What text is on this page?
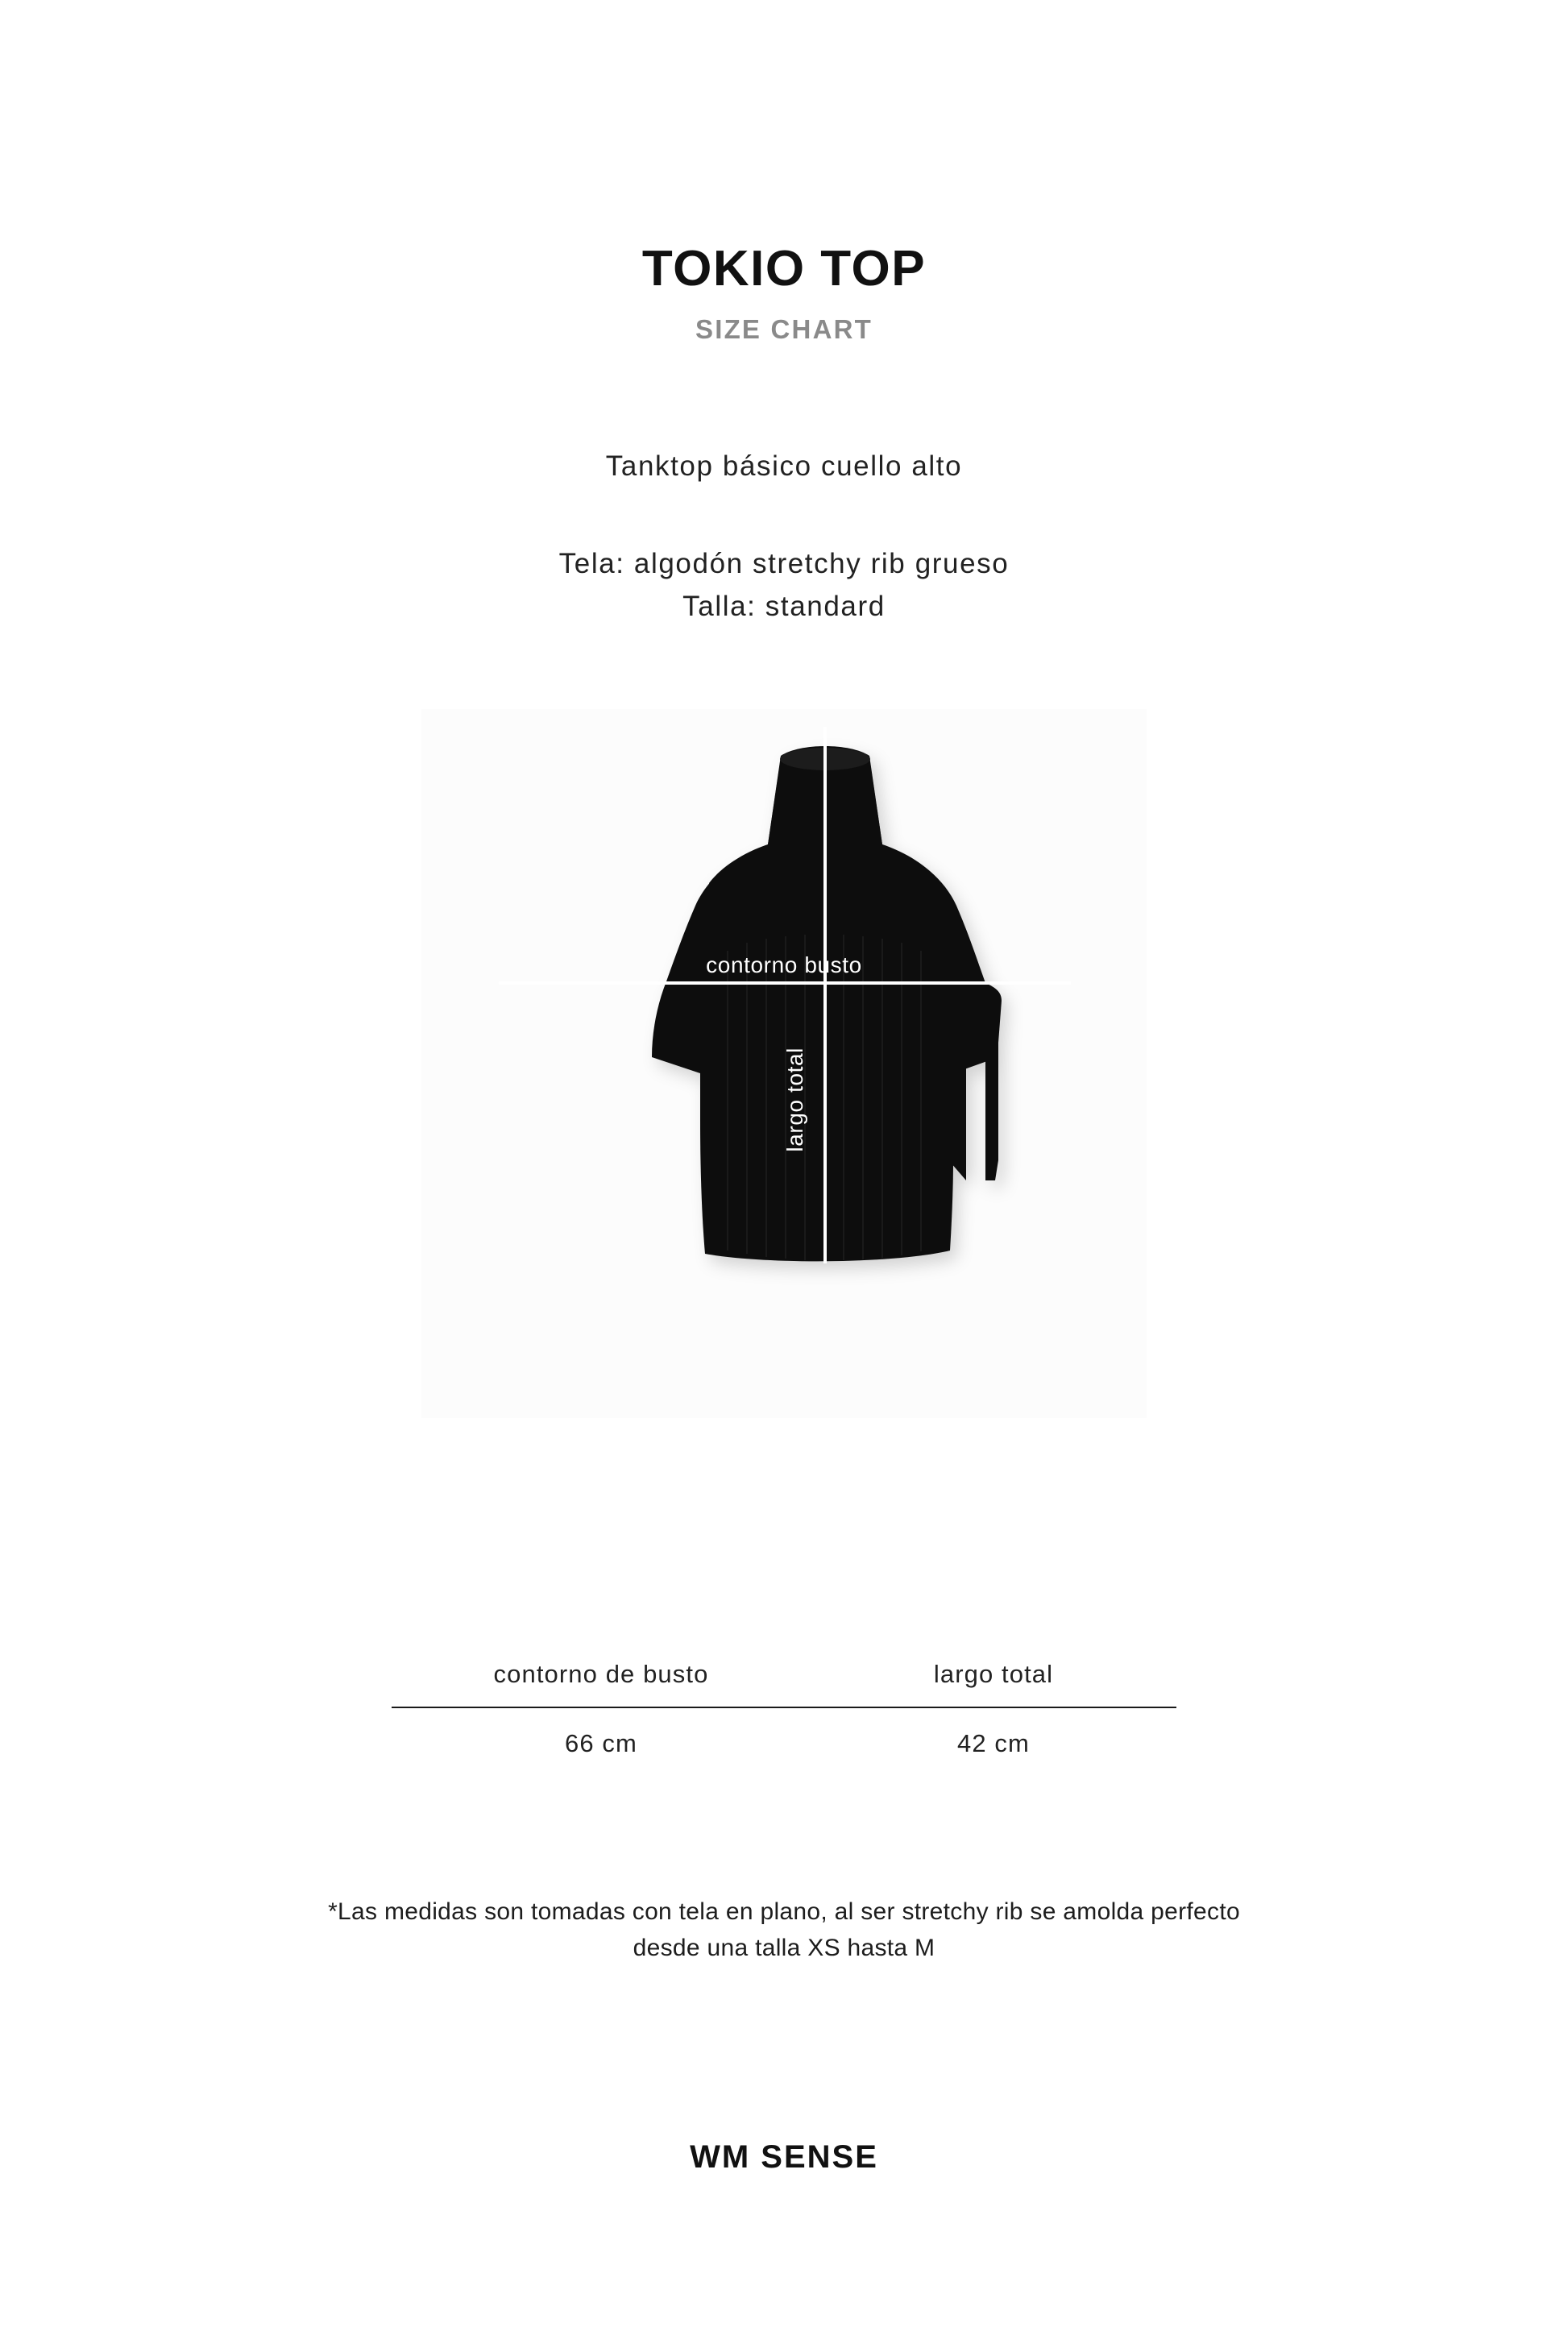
TOKIO TOP
SIZE CHART
Tanktop básico cuello alto
Tela: algodón stretchy rib grueso
Talla: standard
contorno busto
largo total
contorno de busto	largo total
66 cm	42 cm
*Las medidas son tomadas con tela en plano, al ser stretchy rib se amolda perfecto
desde una talla XS hasta M
WM SENSE
